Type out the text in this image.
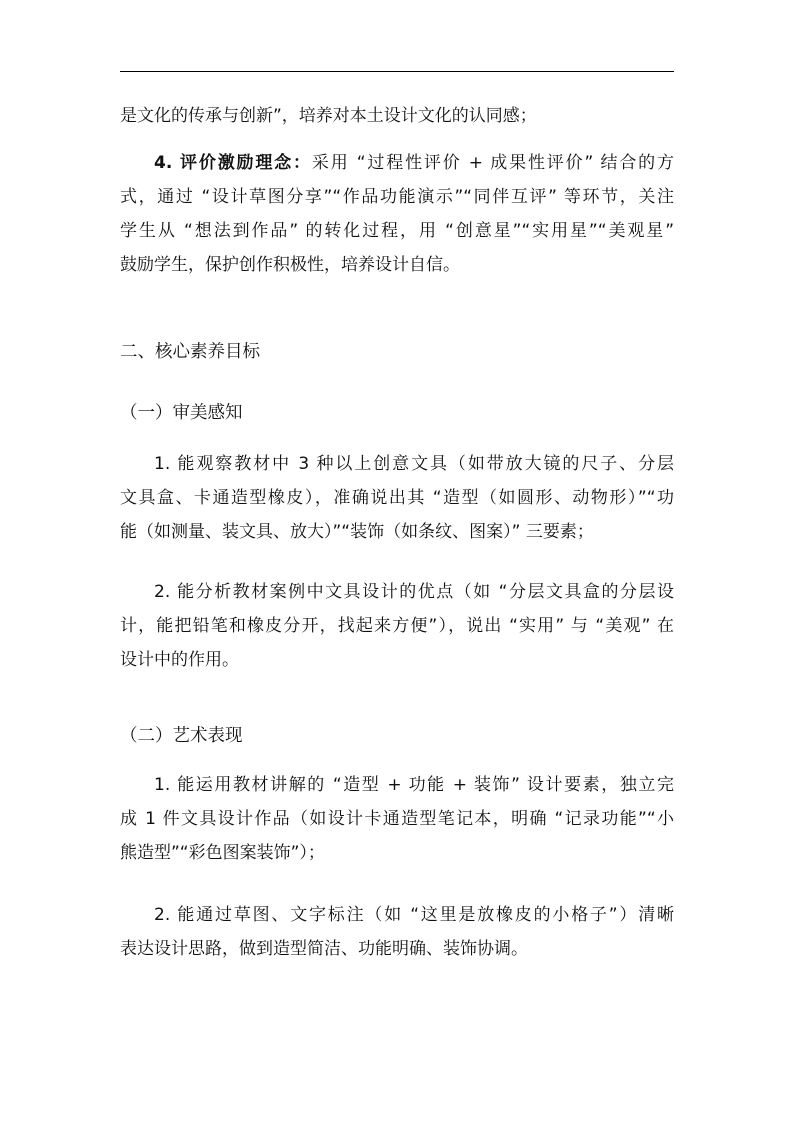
是文化的传承与创新”，培养对本土设计文化的认同感；

4. 评价激励理念：采用 “过程性评价 + 成果性评价” 结合的方
式，通过 “设计草图分享”“作品功能演示”“同伴互评” 等环节，关注
学生从 “想法到作品” 的转化过程，用 “创意星”“实用星”“美观星”
鼓励学生，保护创作积极性，培养设计自信。

二、核心素养目标
（一）审美感知

1. 能观察教材中 3 种以上创意文具（如带放大镜的尺子、分层
文具盒、卡通造型橡皮），准确说出其 “造型（如圆形、动物形）”“功
能（如测量、装文具、放大）”“装饰（如条纹、图案）” 三要素；

2. 能分析教材案例中文具设计的优点（如 “分层文具盒的分层设
计，能把铅笔和橡皮分开，找起来方便”），说出 “实用” 与 “美观” 在
设计中的作用。

（二）艺术表现

1. 能运用教材讲解的 “造型 + 功能 + 装饰” 设计要素，独立完
成 1 件文具设计作品（如设计卡通造型笔记本，明确 “记录功能”“小
熊造型”“彩色图案装饰”）；

2. 能通过草图、文字标注（如 “这里是放橡皮的小格子”）清晰
表达设计思路，做到造型简洁、功能明确、装饰协调。
